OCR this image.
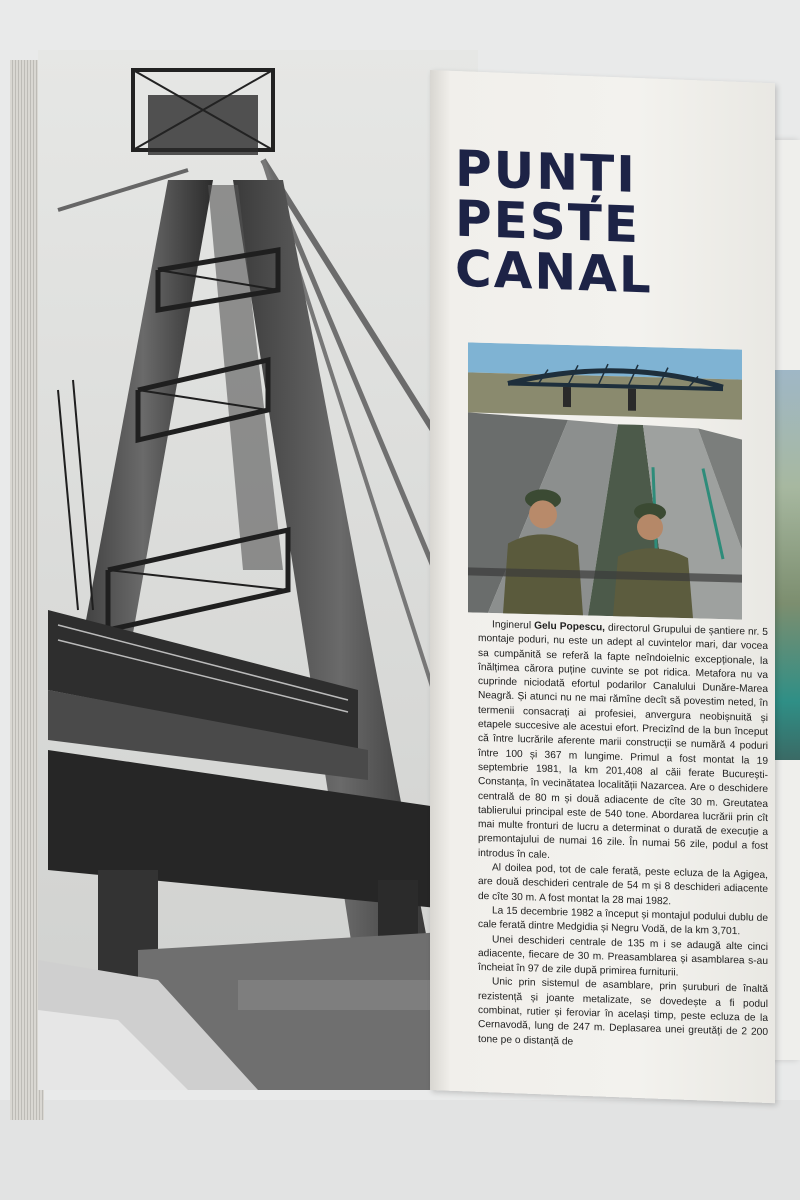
PUNȚI
PESTE
CANAL

Inginerul Gelu Popescu, directorul Grupului de șantiere nr. 5 montaje poduri, nu este un adept al cuvintelor mari, dar vocea sa cumpănită se referă la fapte neîndoielnic excepționale, la înălțimea cărora puține cuvinte se pot ridica. Metafora nu va cuprinde niciodată efortul podarilor Canalului Dunăre-Marea Neagră. Și atunci nu ne mai rămîne decît să povestim neted, în termenii consacrați ai profesiei, anvergura neobișnuită și etapele succesive ale acestui efort. Precizînd de la bun început că între lucrările aferente marii construcții se numără 4 poduri între 100 și 367 m lungime. Primul a fost montat la 19 septembrie 1981, la km 201,408 al căii ferate București-Constanța, în vecinătatea localității Nazarcea. Are o deschidere centrală de 80 m și două adiacente de cîte 30 m. Greutatea tablierului principal este de 540 tone. Abordarea lucrării prin cît mai multe fronturi de lucru a determinat o durată de execuție a premontajului de numai 16 zile. În numai 56 zile, podul a fost introdus în cale.

Al doilea pod, tot de cale ferată, peste ecluza de la Agigea, are două deschideri centrale de 54 m și 8 deschideri adiacente de cîte 30 m. A fost montat la 28 mai 1982.

La 15 decembrie 1982 a început și montajul podului dublu de cale ferată dintre Medgidia și Negru Vodă, de la km 3,701.

Unei deschideri centrale de 135 m i se adaugă alte cinci adiacente, fiecare de 30 m. Preasamblarea și asamblarea s-au încheiat în 97 de zile după primirea furniturii.

Unic prin sistemul de asamblare, prin șuruburi de înaltă rezistență și joante metalizate, se dovedește a fi podul combinat, rutier și feroviar în același timp, peste ecluza de la Cernavodă, lung de 247 m. Deplasarea unei greutăți de 2 200 tone pe o distanță de
